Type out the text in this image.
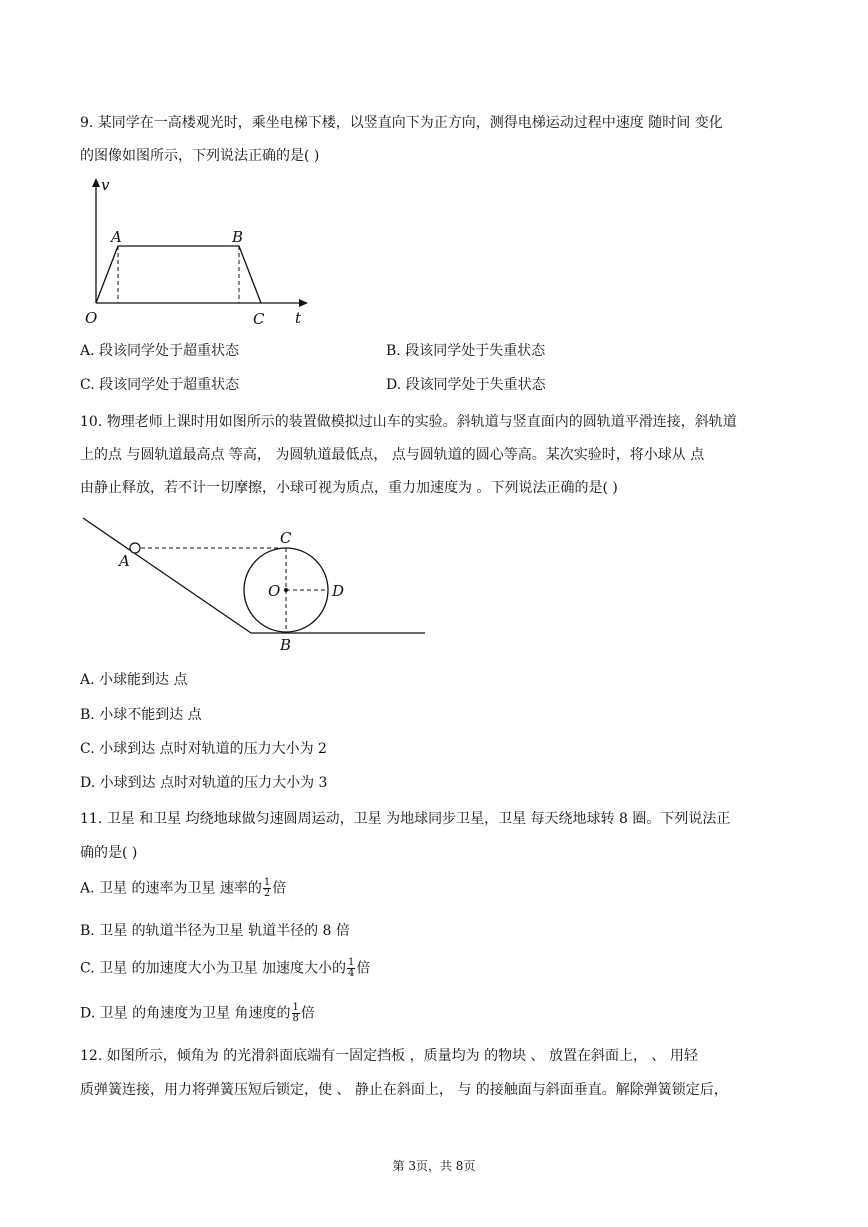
9. 某同学在一高楼观光时，乘坐电梯下楼，以竖直向下为正方向，测得电梯运动过程中速度 随时间 变化
的图像如图所示，下列说法正确的是( )
v
t
O
A	B
C
A. 段该同学处于超重状态	B. 段该同学处于失重状态
C. 段该同学处于超重状态	D. 段该同学处于失重状态
10. 物理老师上课时用如图所示的装置做模拟过山车的实验。斜轨道与竖直面内的圆轨道平滑连接，斜轨道
上的点 与圆轨道最高点 等高， 为圆轨道最低点， 点与圆轨道的圆心等高。某次实验时，将小球从 点
由静止释放，若不计一切摩擦，小球可视为质点，重力加速度为 。下列说法正确的是( )
A
C
O	D
B
A. 小球能到达 点
B. 小球不能到达 点
C. 小球到达 点时对轨道的压力大小为 2
D. 小球到达 点时对轨道的压力大小为 3
11. 卫星 和卫星 均绕地球做匀速圆周运动，卫星 为地球同步卫星，卫星 每天绕地球转 8 圈。下列说法正
确的是( )
A. 卫星 的速率为卫星 速率的 $\frac{1}{2}$ 倍
B. 卫星 的轨道半径为卫星 轨道半径的 8 倍
C. 卫星 的加速度大小为卫星 加速度大小的 $\frac{1}{4}$ 倍
D. 卫星 的角速度为卫星 角速度的 $\frac{1}{8}$ 倍
12. 如图所示，倾角为 的光滑斜面底端有一固定挡板 ，质量均为 的物块 、 放置在斜面上， 、 用轻
质弹簧连接，用力将弹簧压短后锁定，使 、 静止在斜面上， 与 的接触面与斜面垂直。解除弹簧锁定后，
第 3页，共 8页
